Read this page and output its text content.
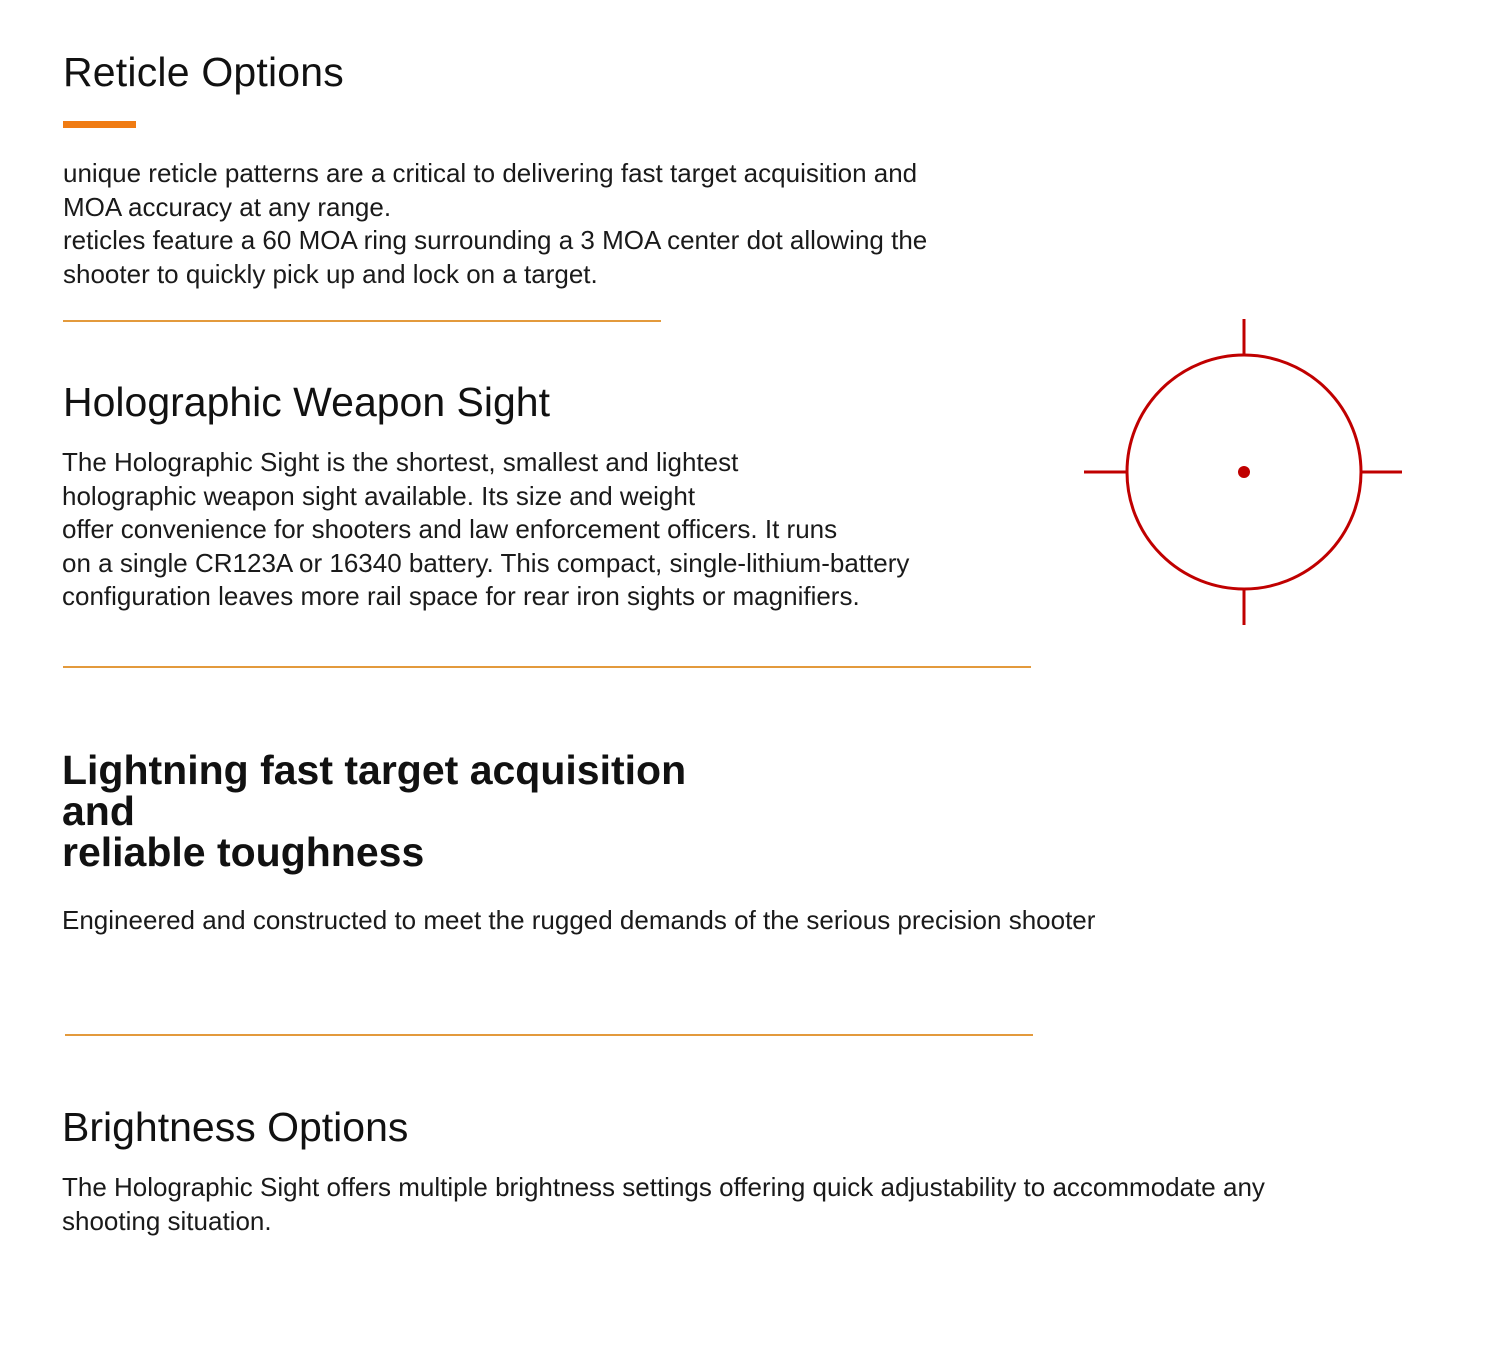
Reticle Options

unique reticle patterns are a critical to delivering fast target acquisition and
MOA accuracy at any range.
reticles feature a 60 MOA ring surrounding a 3 MOA center dot allowing the
shooter to quickly pick up and lock on a target.

Holographic Weapon Sight

The Holographic Sight is the shortest, smallest and lightest
holographic weapon sight available. Its size and weight
offer convenience for shooters and law enforcement officers. It runs
on a single CR123A or 16340 battery. This compact, single-lithium-battery
configuration leaves more rail space for rear iron sights or magnifiers.

Lightning fast target acquisition
and
reliable toughness

Engineered and constructed to meet the rugged demands of the serious precision shooter

Brightness Options

The Holographic Sight offers multiple brightness settings offering quick adjustability to accommodate any
shooting situation.
